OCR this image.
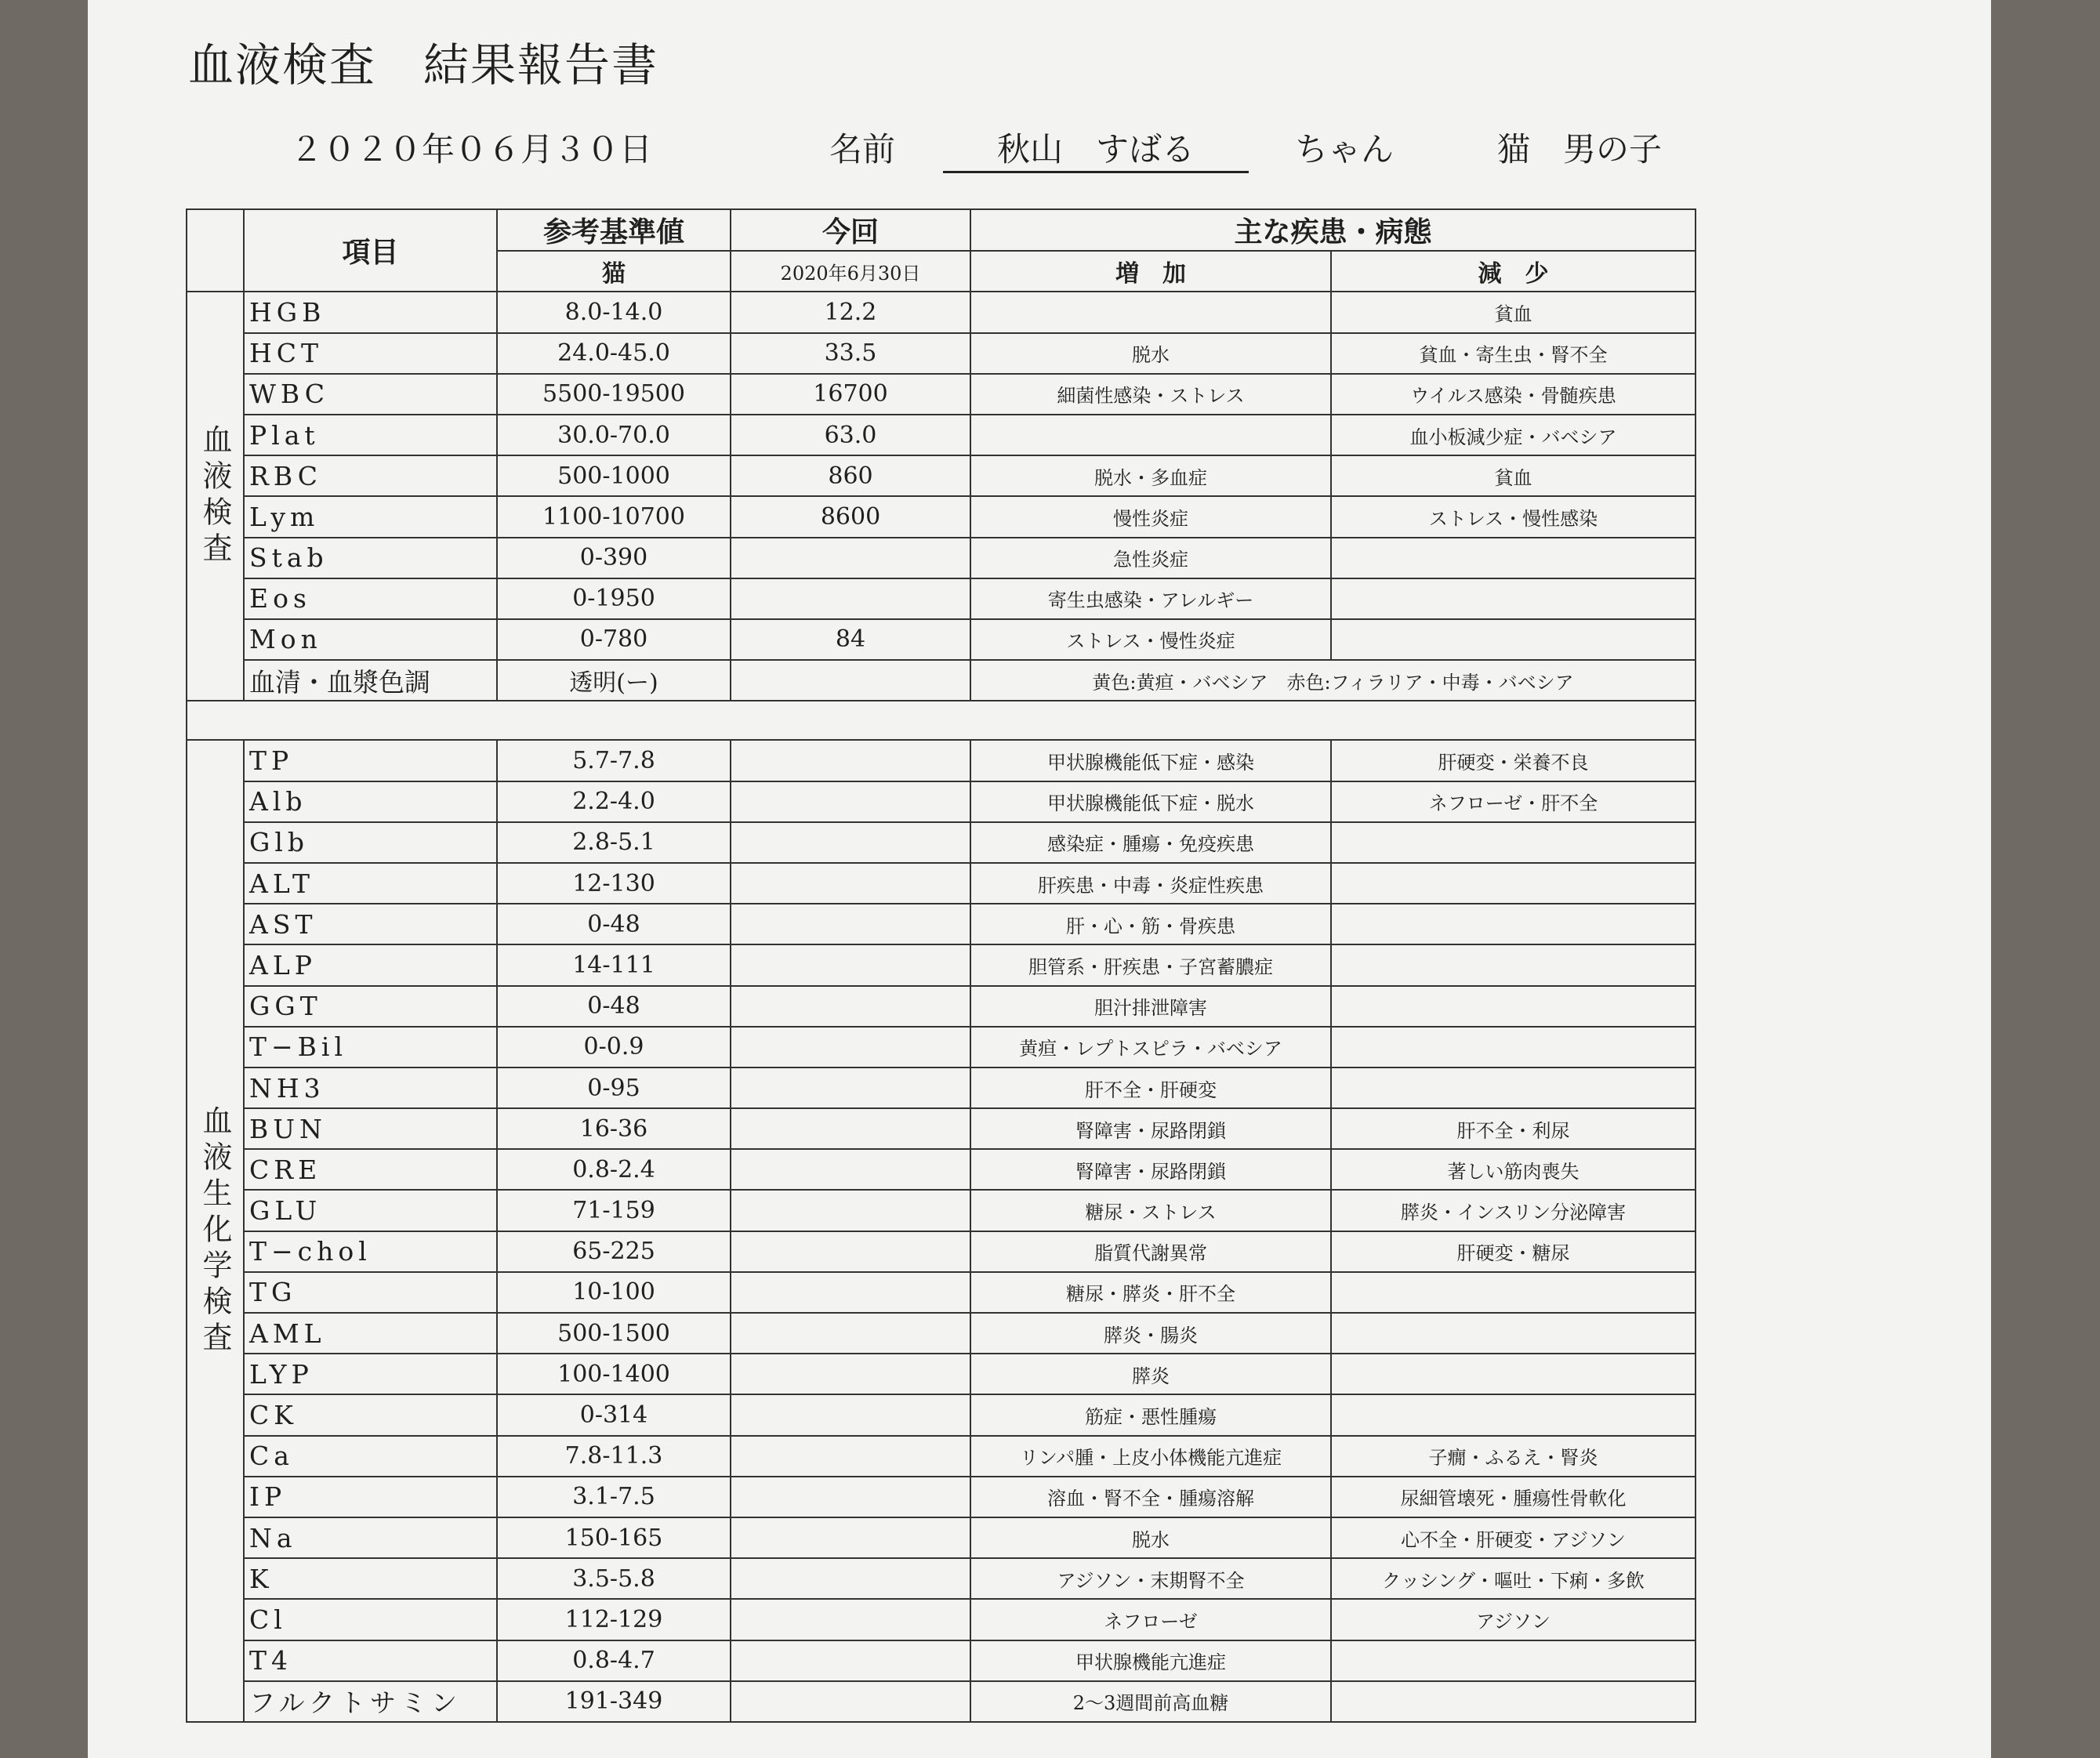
血液検査　結果報告書

２０２０年０６月３０日

	名前

	秋山　すばる

	ちゃん

	猫　男の子

	項目	参考基準値	今回	主な疾患・病態	
		猫	2020年6月30日	増　加	減　少
血液検査	HGB	8.0-14.0	12.2		貧血
	HCT	24.0-45.0	33.5	脱水	貧血・寄生虫・腎不全
	WBC	5500-19500	16700	細菌性感染・ストレス	ウイルス感染・骨髄疾患
	Plat	30.0-70.0	63.0		血小板減少症・バベシア
	RBC	500-1000	860	脱水・多血症	貧血
	Lym	1100-10700	8600	慢性炎症	ストレス・慢性感染
	Stab	0-390		急性炎症	
	Eos	0-1950		寄生虫感染・アレルギー	
	Mon	0-780	84	ストレス・慢性炎症	
	血清・血漿色調	透明(ー)		黄色:黄疸・バベシア　赤色:フィラリア・中毒・バベシア	

血液生化学検査	TP	5.7-7.8		甲状腺機能低下症・感染	肝硬変・栄養不良
	Alb	2.2-4.0		甲状腺機能低下症・脱水	ネフローゼ・肝不全
	Glb	2.8-5.1		感染症・腫瘍・免疫疾患	
	ALT	12-130		肝疾患・中毒・炎症性疾患	
	AST	0-48		肝・心・筋・骨疾患	
	ALP	14-111		胆管系・肝疾患・子宮蓄膿症	
	GGT	0-48		胆汁排泄障害	
	T−Bil	0-0.9		黄疸・レプトスピラ・バベシア	
	NH3	0-95		肝不全・肝硬変	
	BUN	16-36		腎障害・尿路閉鎖	肝不全・利尿
	CRE	0.8-2.4		腎障害・尿路閉鎖	著しい筋肉喪失
	GLU	71-159		糖尿・ストレス	膵炎・インスリン分泌障害
	T−chol	65-225		脂質代謝異常	肝硬変・糖尿
	TG	10-100		糖尿・膵炎・肝不全	
	AML	500-1500		膵炎・腸炎	
	LYP	100-1400		膵炎	
	CK	0-314		筋症・悪性腫瘍	
	Ca	7.8-11.3		リンパ腫・上皮小体機能亢進症	子癇・ふるえ・腎炎
	IP	3.1-7.5		溶血・腎不全・腫瘍溶解	尿細管壊死・腫瘍性骨軟化
	Na	150-165		脱水	心不全・肝硬変・アジソン
	K	3.5-5.8		アジソン・末期腎不全	クッシング・嘔吐・下痢・多飲
	Cl	112-129		ネフローゼ	アジソン
	T4	0.8-4.7		甲状腺機能亢進症	
	フルクトサミン	191-349		2〜3週間前高血糖	
